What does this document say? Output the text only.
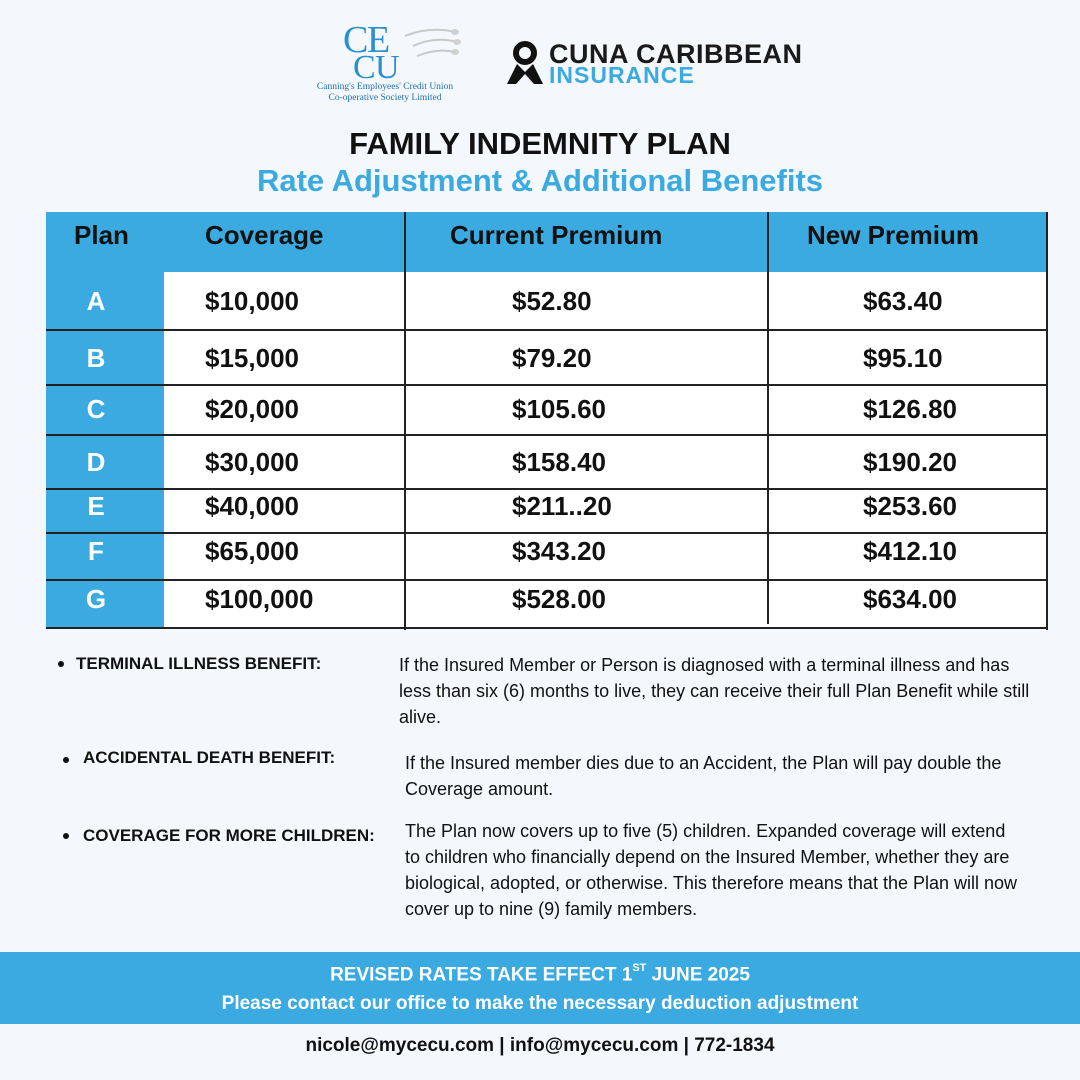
C
E
C U
Canning's Employees' Credit Union
Co-operative Society Limited
CUNA CARIBBEAN
INSURANCE
FAMILY INDEMNITY PLAN
Rate Adjustment & Additional Benefits
Plan	Coverage	Current Premium	New Premium
A	$10,000	$52.80	$63.40
B	$15,000	$79.20	$95.10
C	$20,000	$105.60	$126.80
D	$30,000	$158.40	$190.20
E	$40,000	$211..20	$253.60
F	$65,000	$343.20	$412.10
G	$100,000	$528.00	$634.00
TERMINAL ILLNESS BENEFIT:	If the Insured Member or Person is diagnosed with a terminal illness and has less than six (6) months to live, they can receive their full Plan Benefit while still alive.
ACCIDENTAL DEATH BENEFIT:	If the Insured member dies due to an Accident, the Plan will pay double the Coverage amount.
COVERAGE FOR MORE CHILDREN: The Plan now covers up to five (5) children. Expanded coverage will extend to children who financially depend on the Insured Member, whether they are biological, adopted, or otherwise. This therefore means that the Plan will now cover up to nine (9) family members.
REVISED RATES TAKE EFFECT 1ST JUNE 2025
Please contact our office to make the necessary deduction adjustment
nicole@mycecu.com | info@mycecu.com | 772-1834
